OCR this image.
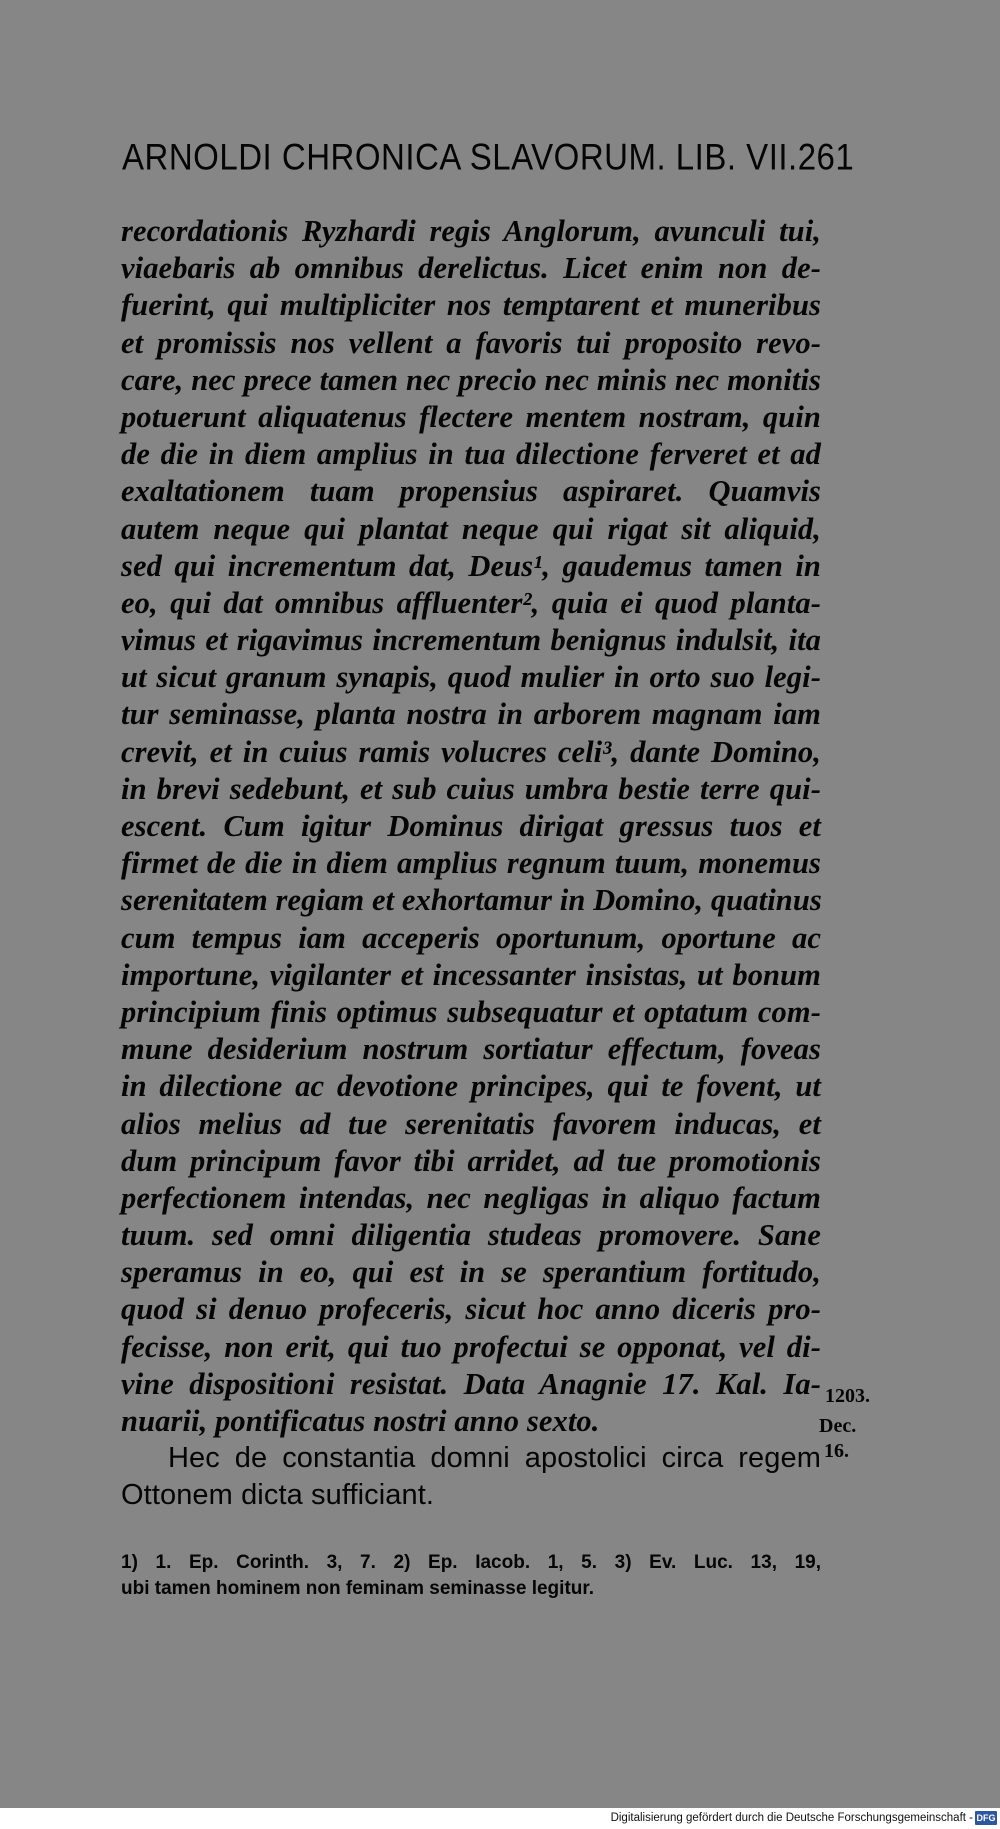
ARNOLDI CHRONICA SLAVORUM. LIB. VII. 261
recordationis Ryzhardi regis Anglorum, avunculi tui,
viaebaris ab omnibus derelictus. Licet enim non de-
fuerint, qui multipliciter nos temptarent et muneribus
et promissis nos vellent a favoris tui proposito revo-
care, nec prece tamen nec precio nec minis nec monitis
potuerunt aliquatenus flectere mentem nostram, quin
de die in diem amplius in tua dilectione ferveret et ad
exaltationem tuam propensius aspiraret. Quamvis
autem neque qui plantat neque qui rigat sit aliquid,
sed qui incrementum dat, Deus¹, gaudemus tamen in
eo, qui dat omnibus affluenter², quia ei quod planta-
vimus et rigavimus incrementum benignus indulsit, ita
ut sicut granum synapis, quod mulier in orto suo legi-
tur seminasse, planta nostra in arborem magnam iam
crevit, et in cuius ramis volucres celi³, dante Domino,
in brevi sedebunt, et sub cuius umbra bestie terre qui-
escent. Cum igitur Dominus dirigat gressus tuos et
firmet de die in diem amplius regnum tuum, monemus
serenitatem regiam et exhortamur in Domino, quatinus
cum tempus iam acceperis oportunum, oportune ac
importune, vigilanter et incessanter insistas, ut bonum
principium finis optimus subsequatur et optatum com-
mune desiderium nostrum sortiatur effectum, foveas
in dilectione ac devotione principes, qui te fovent, ut
alios melius ad tue serenitatis favorem inducas, et
dum principum favor tibi arridet, ad tue promotionis
perfectionem intendas, nec negligas in aliquo factum
tuum. sed omni diligentia studeas promovere. Sane
speramus in eo, qui est in se sperantium fortitudo,
quod si denuo profeceris, sicut hoc anno diceris pro-
fecisse, non erit, qui tuo profectui se opponat, vel di-
vine dispositioni resistat. Data Anagnie 17. Kal. Ia-
nuarii, pontificatus nostri anno sexto.
Hec de constantia domni apostolici circa regem
Ottonem dicta sufficiant.
1203.
Dec.
16.
1) 1. Ep. Corinth. 3, 7. 2) Ep. Iacob. 1, 5. 3) Ev. Luc. 13, 19,
ubi tamen hominem non feminam seminasse legitur.
Digitalisierung gefördert durch die Deutsche Forschungsgemeinschaft - DFG
